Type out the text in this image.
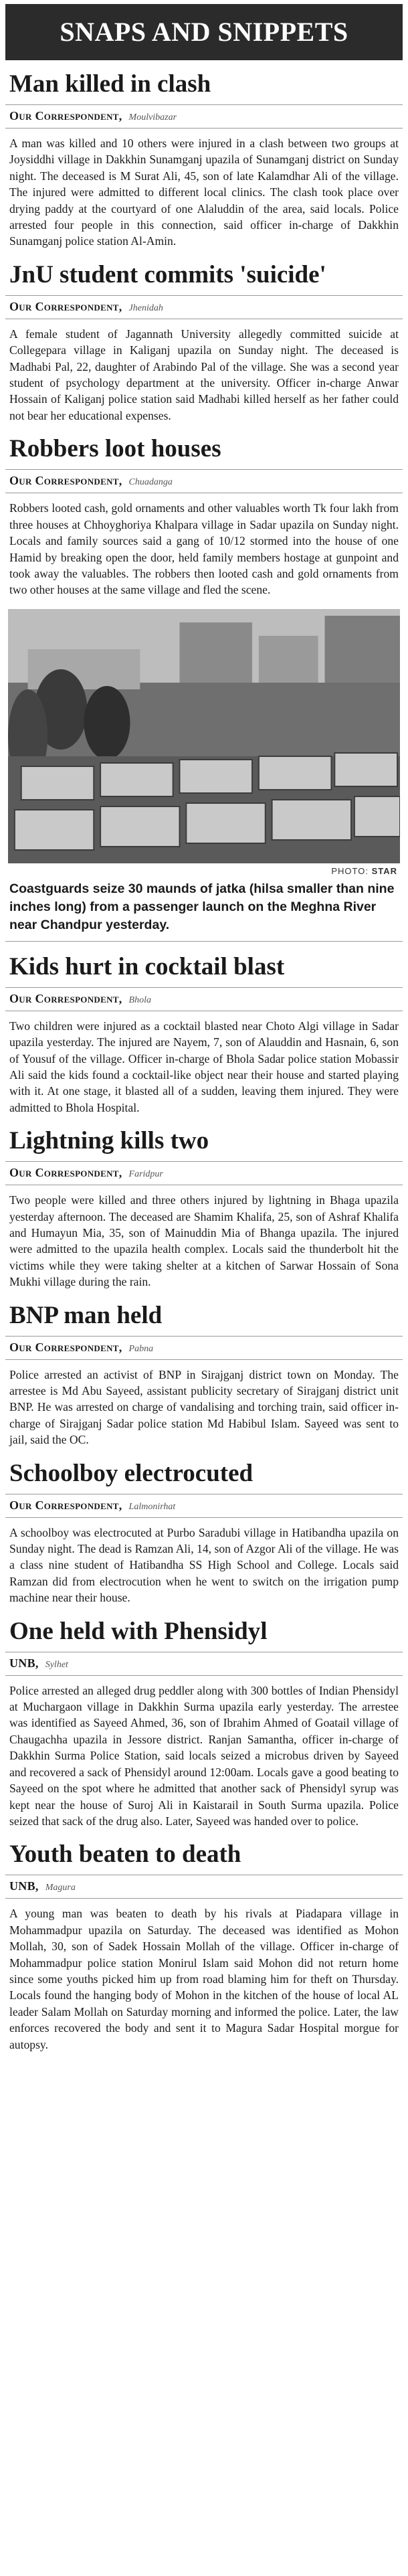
SNAPS AND SNIPPETS
Man killed in clash
Our Correspondent, Moulvibazar

A man was killed and 10 others were injured in a clash between two groups at Joysiddhi village in Dakkhin Sunamganj upazila of Sunamganj district on Sunday night. The deceased is M Surat Ali, 45, son of late Kalamdhar Ali of the village. The injured were admitted to different local clinics. The clash took place over drying paddy at the courtyard of one Alaluddin of the area, said locals. Police arrested four people in this connection, said officer in-charge of Dakkhin Sunamganj police station Al-Amin.

JnU student commits 'suicide'
Our Correspondent, Jhenidah

A female student of Jagannath University allegedly committed suicide at Collegepara village in Kaliganj upazila on Sunday night. The deceased is Madhabi Pal, 22, daughter of Arabindo Pal of the village. She was a second year student of psychology department at the university. Officer in-charge Anwar Hossain of Kaliganj police station said Madhabi killed herself as her father could not bear her educational expenses.

Robbers loot houses
Our Correspondent, Chuadanga

Robbers looted cash, gold ornaments and other valuables worth Tk four lakh from three houses at Chhoyghoriya Khalpara village in Sadar upazila on Sunday night. Locals and family sources said a gang of 10/12 stormed into the house of one Hamid by breaking open the door, held family members hostage at gunpoint and took away the valuables. The robbers then looted cash and gold ornaments from two other houses at the same village and fled the scene.

PHOTO: STAR
Coastguards seize 30 maunds of jatka (hilsa smaller than nine inches long) from a passenger launch on the Meghna River near Chandpur yesterday.
Kids hurt in cocktail blast
Our Correspondent, Bhola

Two children were injured as a cocktail blasted near Choto Algi village in Sadar upazila yesterday. The injured are Nayem, 7, son of Alauddin and Hasnain, 6, son of Yousuf of the village. Officer in-charge of Bhola Sadar police station Mobassir Ali said the kids found a cocktail-like object near their house and started playing with it. At one stage, it blasted all of a sudden, leaving them injured. They were admitted to Bhola Hospital.

Lightning kills two
Our Correspondent, Faridpur

Two people were killed and three others injured by lightning in Bhaga upazila yesterday afternoon. The deceased are Shamim Khalifa, 25, son of Ashraf Khalifa and Humayun Mia, 35, son of Mainuddin Mia of Bhanga upazila. The injured were admitted to the upazila health complex. Locals said the thunderbolt hit the victims while they were taking shelter at a kitchen of Sarwar Hossain of Sona Mukhi village during the rain.

BNP man held
Our Correspondent, Pabna

Police arrested an activist of BNP in Sirajganj district town on Monday. The arrestee is Md Abu Sayeed, assistant publicity secretary of Sirajganj district unit BNP. He was arrested on charge of vandalising and torching train, said officer in-charge of Sirajganj Sadar police station Md Habibul Islam. Sayeed was sent to jail, said the OC.

Schoolboy electrocuted
Our Correspondent, Lalmonirhat

A schoolboy was electrocuted at Purbo Saradubi village in Hatibandha upazila on Sunday night. The dead is Ramzan Ali, 14, son of Azgor Ali of the village. He was a class nine student of Hatibandha SS High School and College. Locals said Ramzan did from electrocution when he went to switch on the irrigation pump machine near their house.

One held with Phensidyl
UNB, Sylhet

Police arrested an alleged drug peddler along with 300 bottles of Indian Phensidyl at Muchargaon village in Dakkhin Surma upazila early yesterday. The arrestee was identified as Sayeed Ahmed, 36, son of Ibrahim Ahmed of Goatail village of Chaugachha upazila in Jessore district. Ranjan Samantha, officer in-charge of Dakkhin Surma Police Station, said locals seized a microbus driven by Sayeed and recovered a sack of Phensidyl around 12:00am. Locals gave a good beating to Sayeed on the spot where he admitted that another sack of Phensidyl syrup was kept near the house of Suroj Ali in Kaistarail in South Surma upazila. Police seized that sack of the drug also. Later, Sayeed was handed over to police.

Youth beaten to death
UNB, Magura

A young man was beaten to death by his rivals at Piadapara village in Mohammadpur upazila on Saturday. The deceased was identified as Mohon Mollah, 30, son of Sadek Hossain Mollah of the village. Officer in-charge of Mohammadpur police station Monirul Islam said Mohon did not return home since some youths picked him up from road blaming him for theft on Thursday. Locals found the hanging body of Mohon in the kitchen of the house of local AL leader Salam Mollah on Saturday morning and informed the police. Later, the law enforces recovered the body and sent it to Magura Sadar Hospital morgue for autopsy.
